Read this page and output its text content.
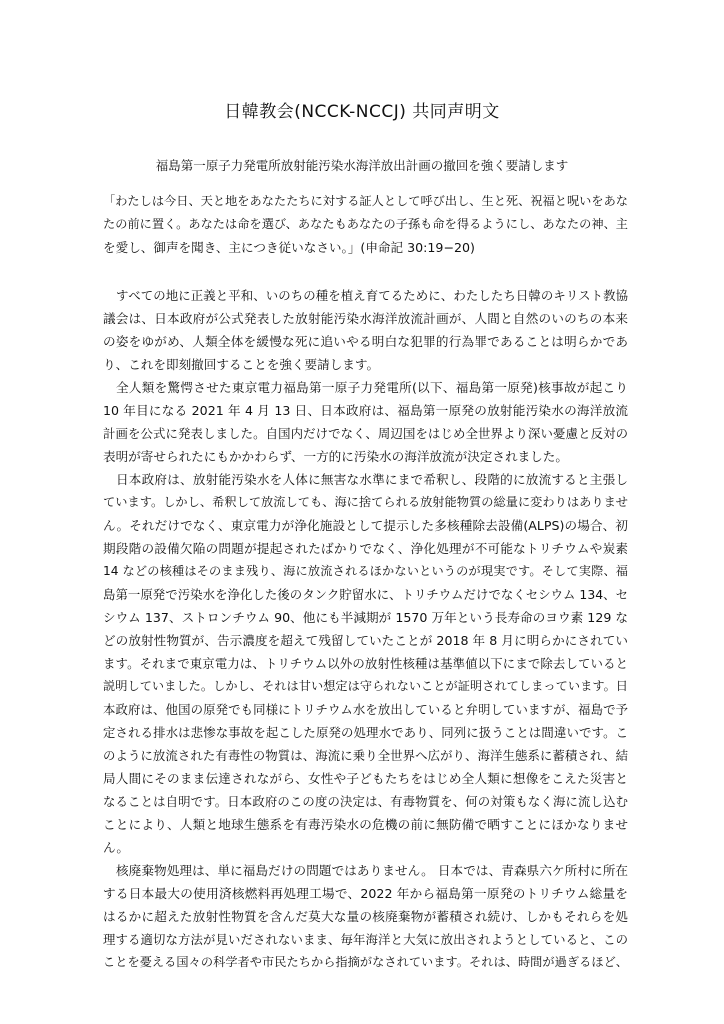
日韓教会(NCCK-NCCJ) 共同声明文
福島第一原子力発電所放射能汚染水海洋放出計画の撤回を強く要請します
「わたしは今日、天と地をあなたたちに対する証人として呼び出し、生と死、祝福と呪いをあな
たの前に置く。あなたは命を選び、あなたもあなたの子孫も命を得るようにし、あなたの神、主
を愛し、御声を聞き、主につき従いなさい。」(申命記 30:19−20)
すべての地に正義と平和、いのちの種を植え育てるために、わたしたち日韓のキリスト教協
議会は、日本政府が公式発表した放射能汚染水海洋放流計画が、人間と自然のいのちの本来
の姿をゆがめ、人類全体を緩慢な死に追いやる明白な犯罪的行為罪であることは明らかであ
り、これを即刻撤回することを強く要請します。
全人類を驚愕させた東京電力福島第一原子力発電所(以下、福島第一原発)核事故が起こり
10 年目になる 2021 年 4 月 13 日、日本政府は、福島第一原発の放射能汚染水の海洋放流
計画を公式に発表しました。自国内だけでなく、周辺国をはじめ全世界より深い憂慮と反対の
表明が寄せられたにもかかわらず、一方的に汚染水の海洋放流が決定されました。
日本政府は、放射能汚染水を人体に無害な水準にまで希釈し、段階的に放流すると主張し
ています。しかし、希釈して放流しても、海に捨てられる放射能物質の総量に変わりはありませ
ん。それだけでなく、東京電力が浄化施設として提示した多核種除去設備(ALPS)の場合、初
期段階の設備欠陥の問題が提起されたばかりでなく、浄化処理が不可能なトリチウムや炭素
14 などの核種はそのまま残り、海に放流されるほかないというのが現実です。そして実際、福
島第一原発で汚染水を浄化した後のタンク貯留水に、トリチウムだけでなくセシウム 134、セ
シウム 137、ストロンチウム 90、他にも半減期が 1570 万年という長寿命のヨウ素 129 な
どの放射性物質が、告示濃度を超えて残留していたことが 2018 年 8 月に明らかにされてい
ます。それまで東京電力は、トリチウム以外の放射性核種は基準値以下にまで除去していると
説明していました。しかし、それは甘い想定は守られないことが証明されてしまっています。日
本政府は、他国の原発でも同様にトリチウム水を放出していると弁明していますが、福島で予
定される排水は悲惨な事故を起こした原発の処理水であり、同列に扱うことは間違いです。こ
のように放流された有毒性の物質は、海流に乗り全世界へ広がり、海洋生態系に蓄積され、結
局人間にそのまま伝達されながら、女性や子どもたちをはじめ全人類に想像をこえた災害と
なることは自明です。日本政府のこの度の決定は、有毒物質を、何の対策もなく海に流し込む
ことにより、人類と地球生態系を有毒汚染水の危機の前に無防備で晒すことにほかなりませ
ん。
核廃棄物処理は、単に福島だけの問題ではありません。 日本では、青森県六ケ所村に所在
する日本最大の使用済核燃料再処理工場で、2022 年から福島第一原発のトリチウム総量を
はるかに超えた放射性物質を含んだ莫大な量の核廃棄物が蓄積され続け、しかもそれらを処
理する適切な方法が見いだされないまま、毎年海洋と大気に放出されようとしていると、この
ことを憂える国々の科学者や市民たちから指摘がなされています。それは、時間が過ぎるほど、
